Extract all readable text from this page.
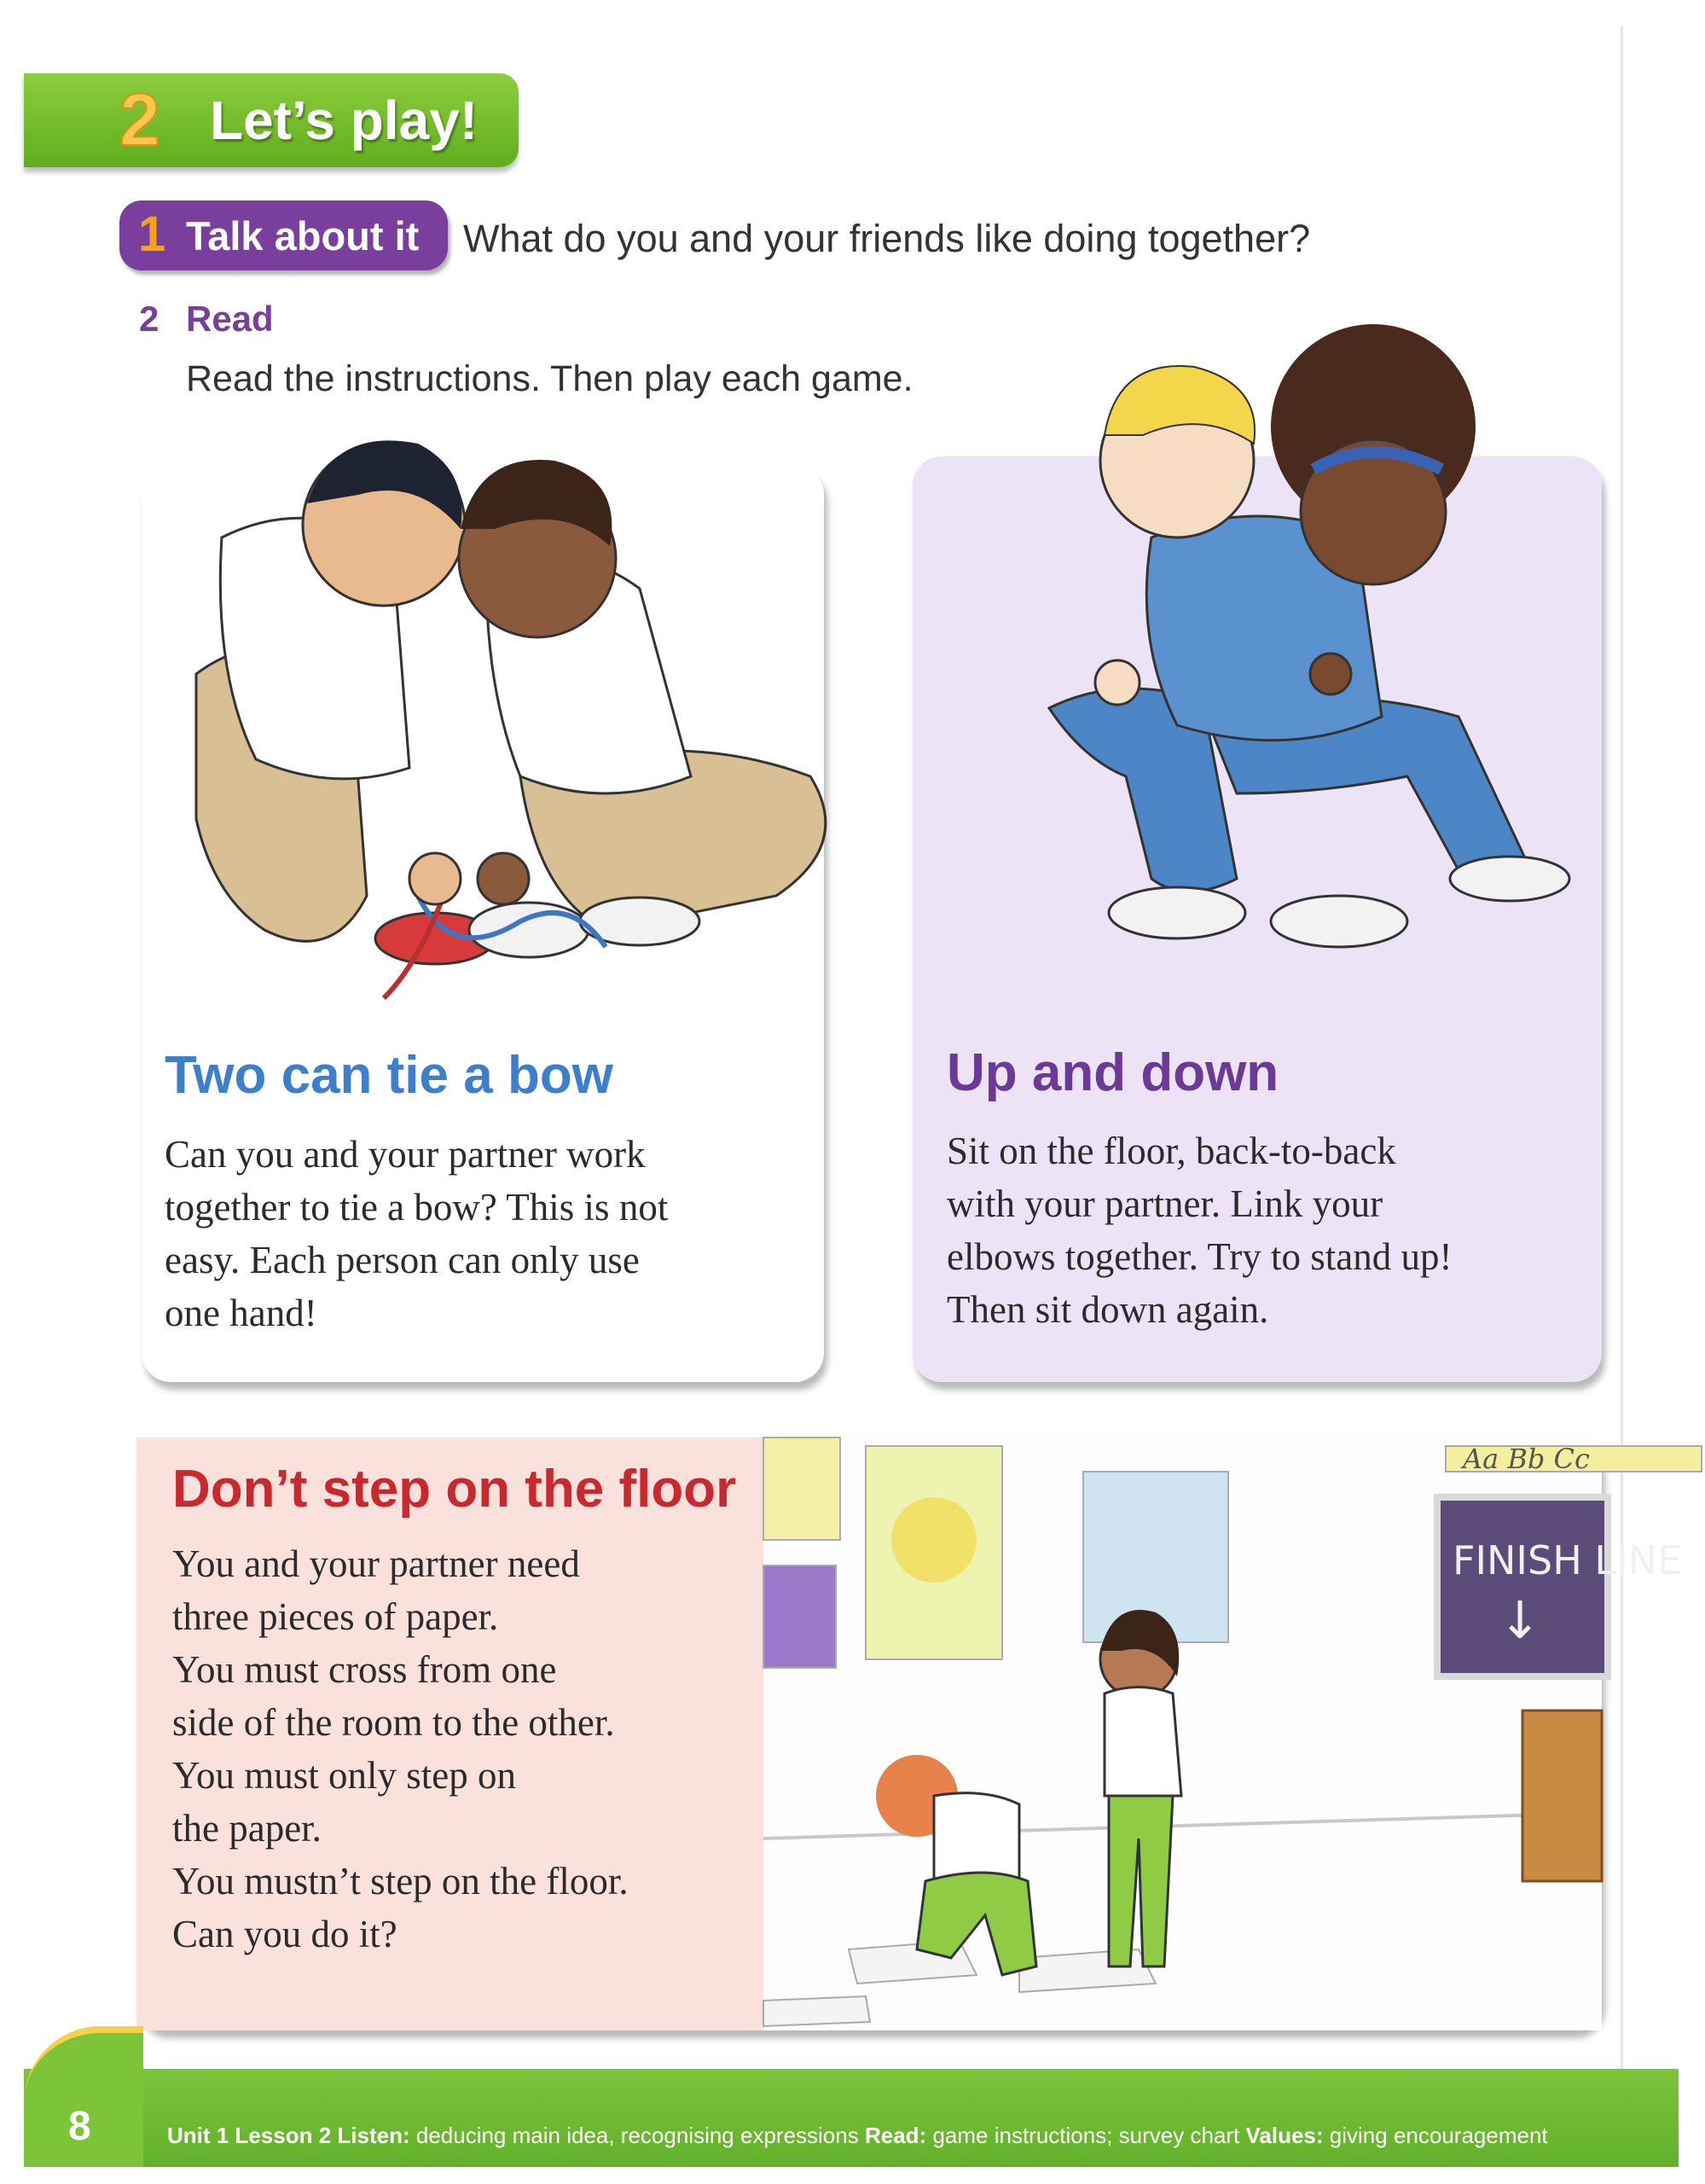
2 Let’s play!
1 Talk about it What do you and your friends like doing together?
2 Read
Read the instructions. Then play each game.
Two can tie a bow
Can you and your partner work
together to tie a bow? This is not
easy. Each person can only use
one hand!
Up and down
Sit on the floor, back-to-back
with your partner. Link your
elbows together. Try to stand up!
Then sit down again.
Aa Bb Cc
FINISH LINE
↓
Don’t step on the floor
You and your partner need
three pieces of paper.
You must cross from one
side of the room to the other.
You must only step on
the paper.
You mustn’t step on the floor.
Can you do it?
8	Unit 1 Lesson 2 Listen: deducing main idea, recognising expressions Read: game instructions; survey chart Values: giving encouragement
